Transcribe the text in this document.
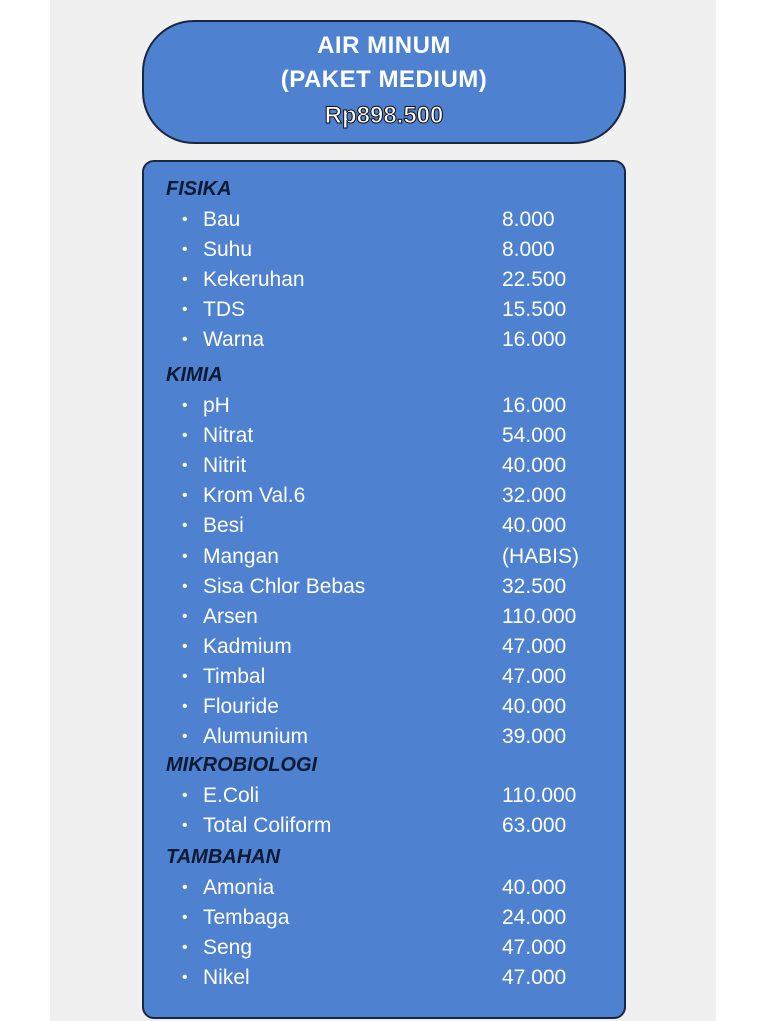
AIR MINUM
(PAKET MEDIUM)
Rp898.500
FISIKA
• Bau	8.000
• Suhu	8.000
• Kekeruhan	22.500
• TDS	15.500
• Warna	16.000
KIMIA
• pH	16.000
• Nitrat	54.000
• Nitrit	40.000
• Krom Val.6	32.000
• Besi	40.000
• Mangan	(HABIS)
• Sisa Chlor Bebas	32.500
• Arsen	110.000
• Kadmium	47.000
• Timbal	47.000
• Flouride	40.000
• Alumunium	39.000
MIKROBIOLOGI
• E.Coli	110.000
• Total Coliform	63.000
TAMBAHAN
• Amonia	40.000
• Tembaga	24.000
• Seng	47.000
• Nikel	47.000
